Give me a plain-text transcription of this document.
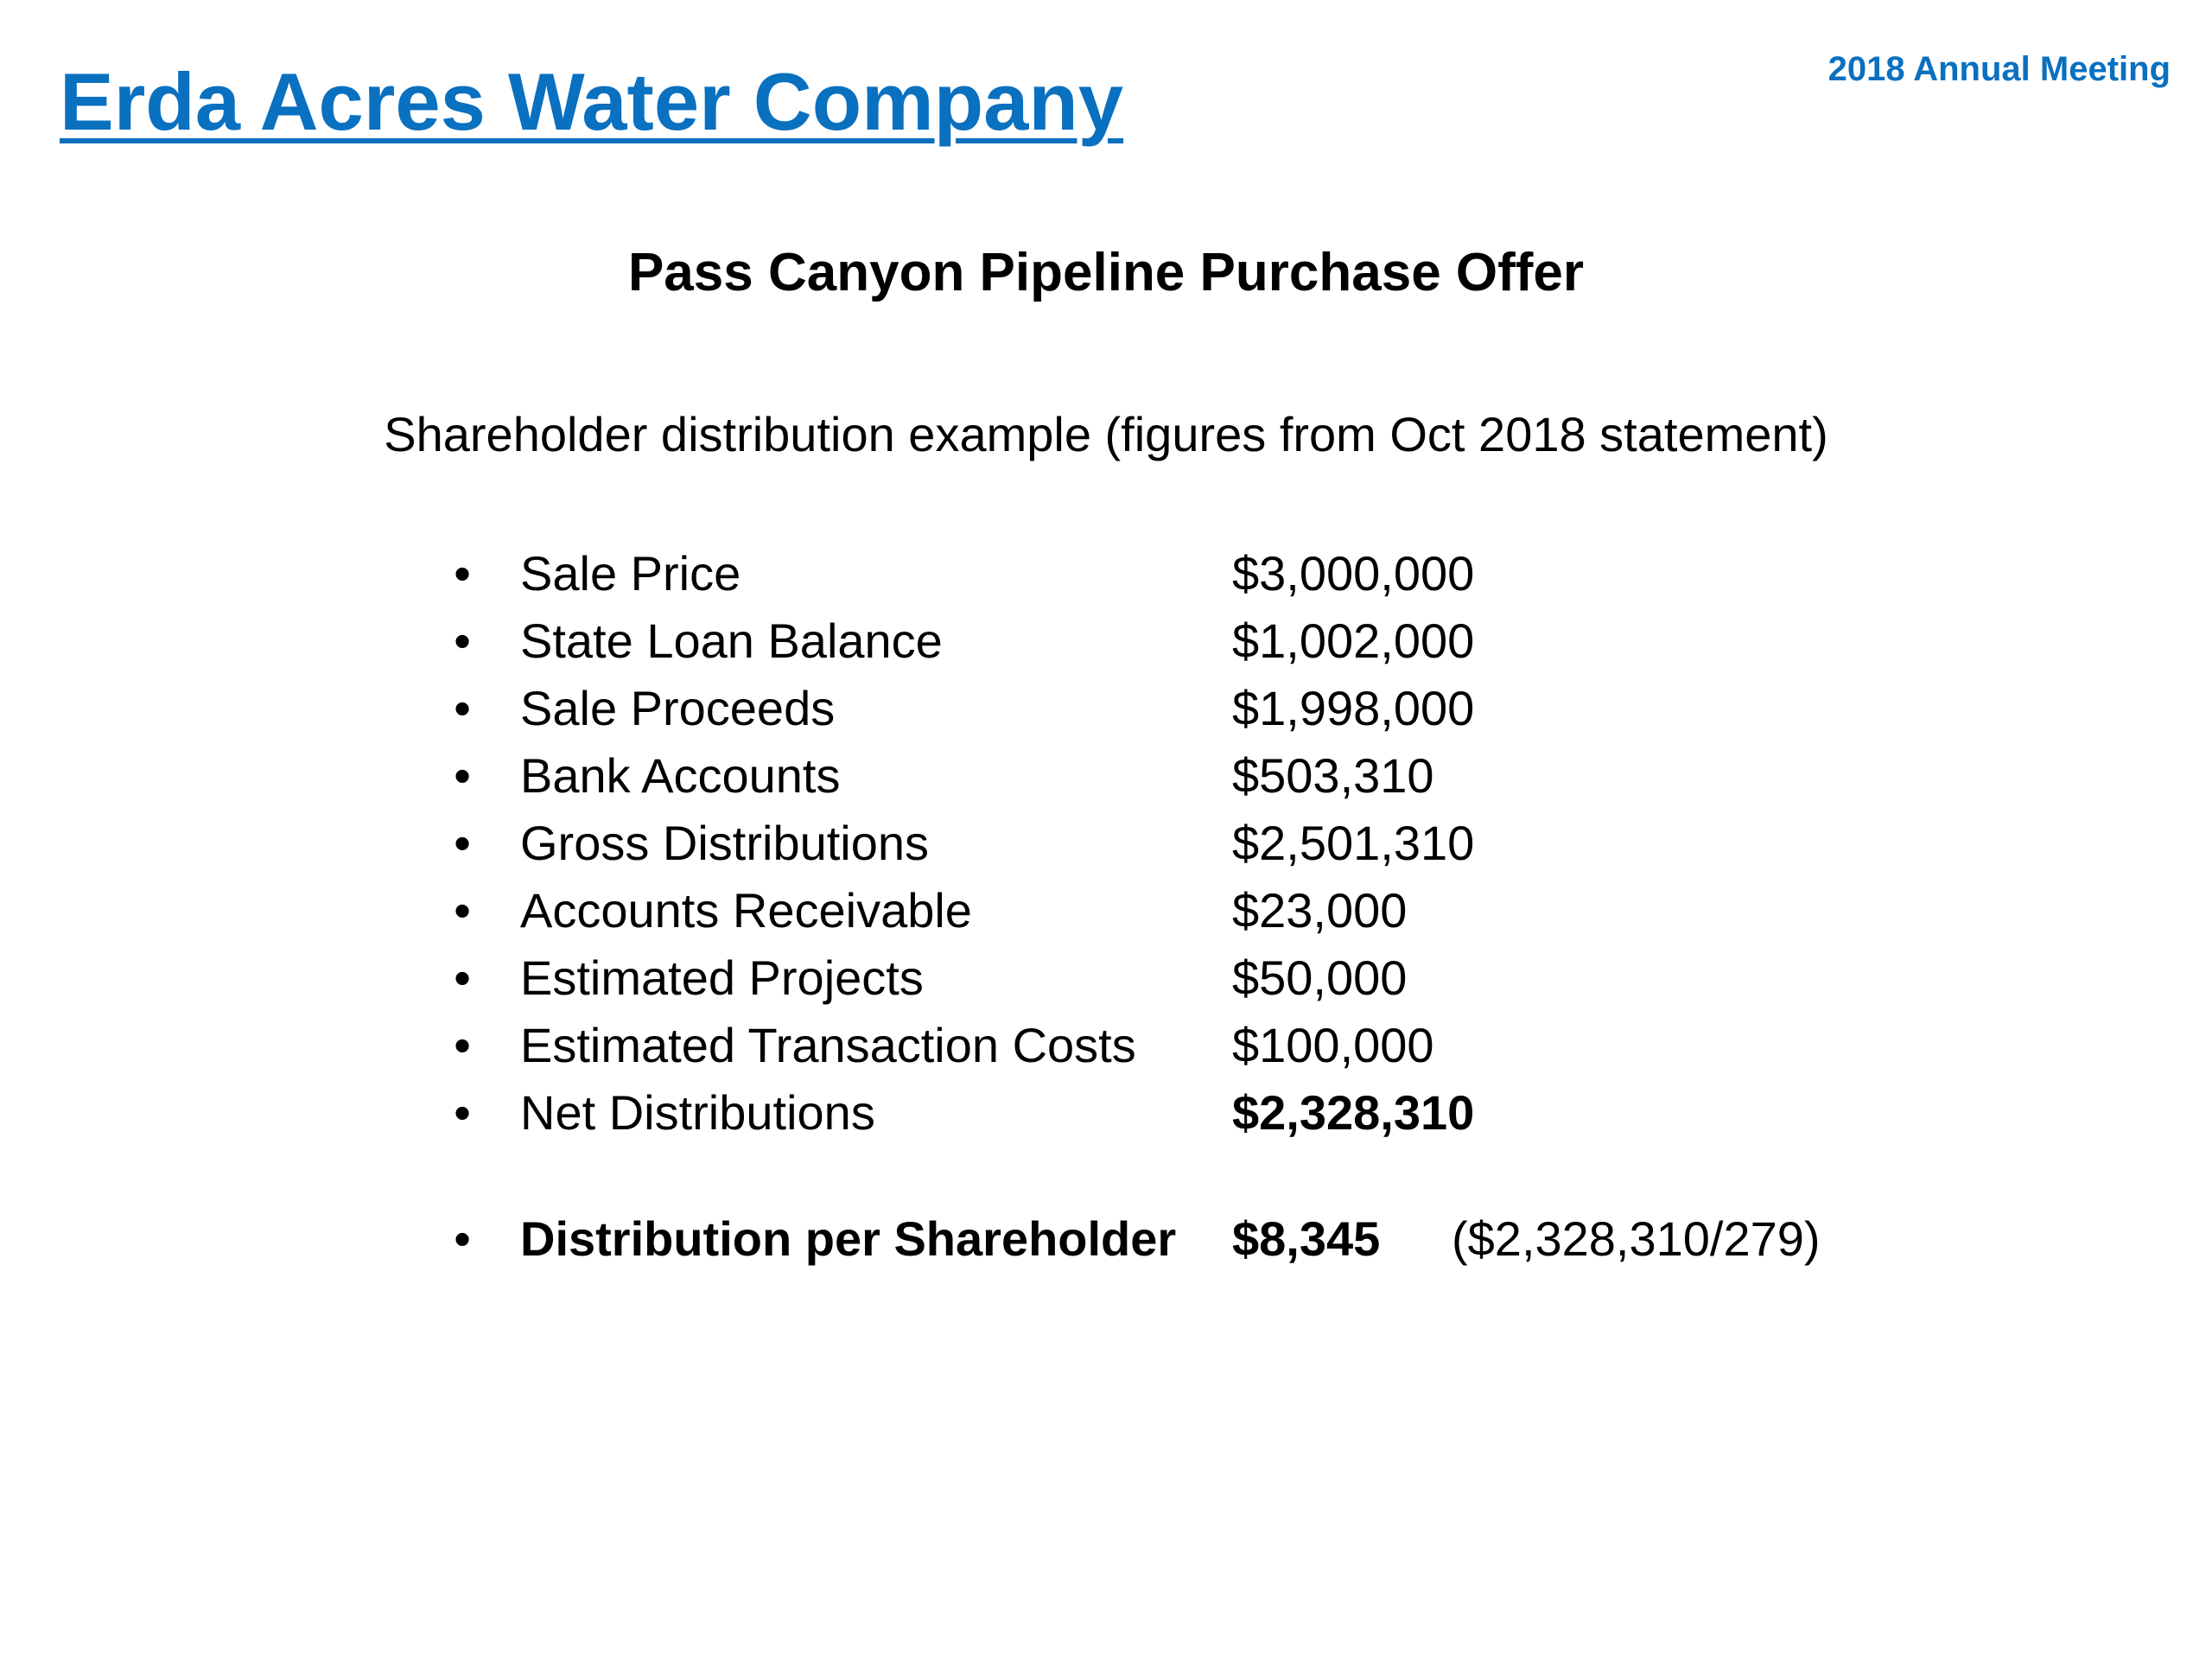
Erda Acres Water Company	2018 Annual Meeting
Pass Canyon Pipeline Purchase Offer
Shareholder distribution example (figures from Oct 2018 statement)
• Sale Price	$3,000,000
• State Loan Balance	$1,002,000
• Sale Proceeds	$1,998,000
• Bank Accounts	$503,310
• Gross Distributions	$2,501,310
• Accounts Receivable	$23,000
• Estimated Projects	$50,000
• Estimated Transaction Costs $100,000
• Net Distributions	$2,328,310
• Distribution per Shareholder $8,345 ($2,328,310/279)
